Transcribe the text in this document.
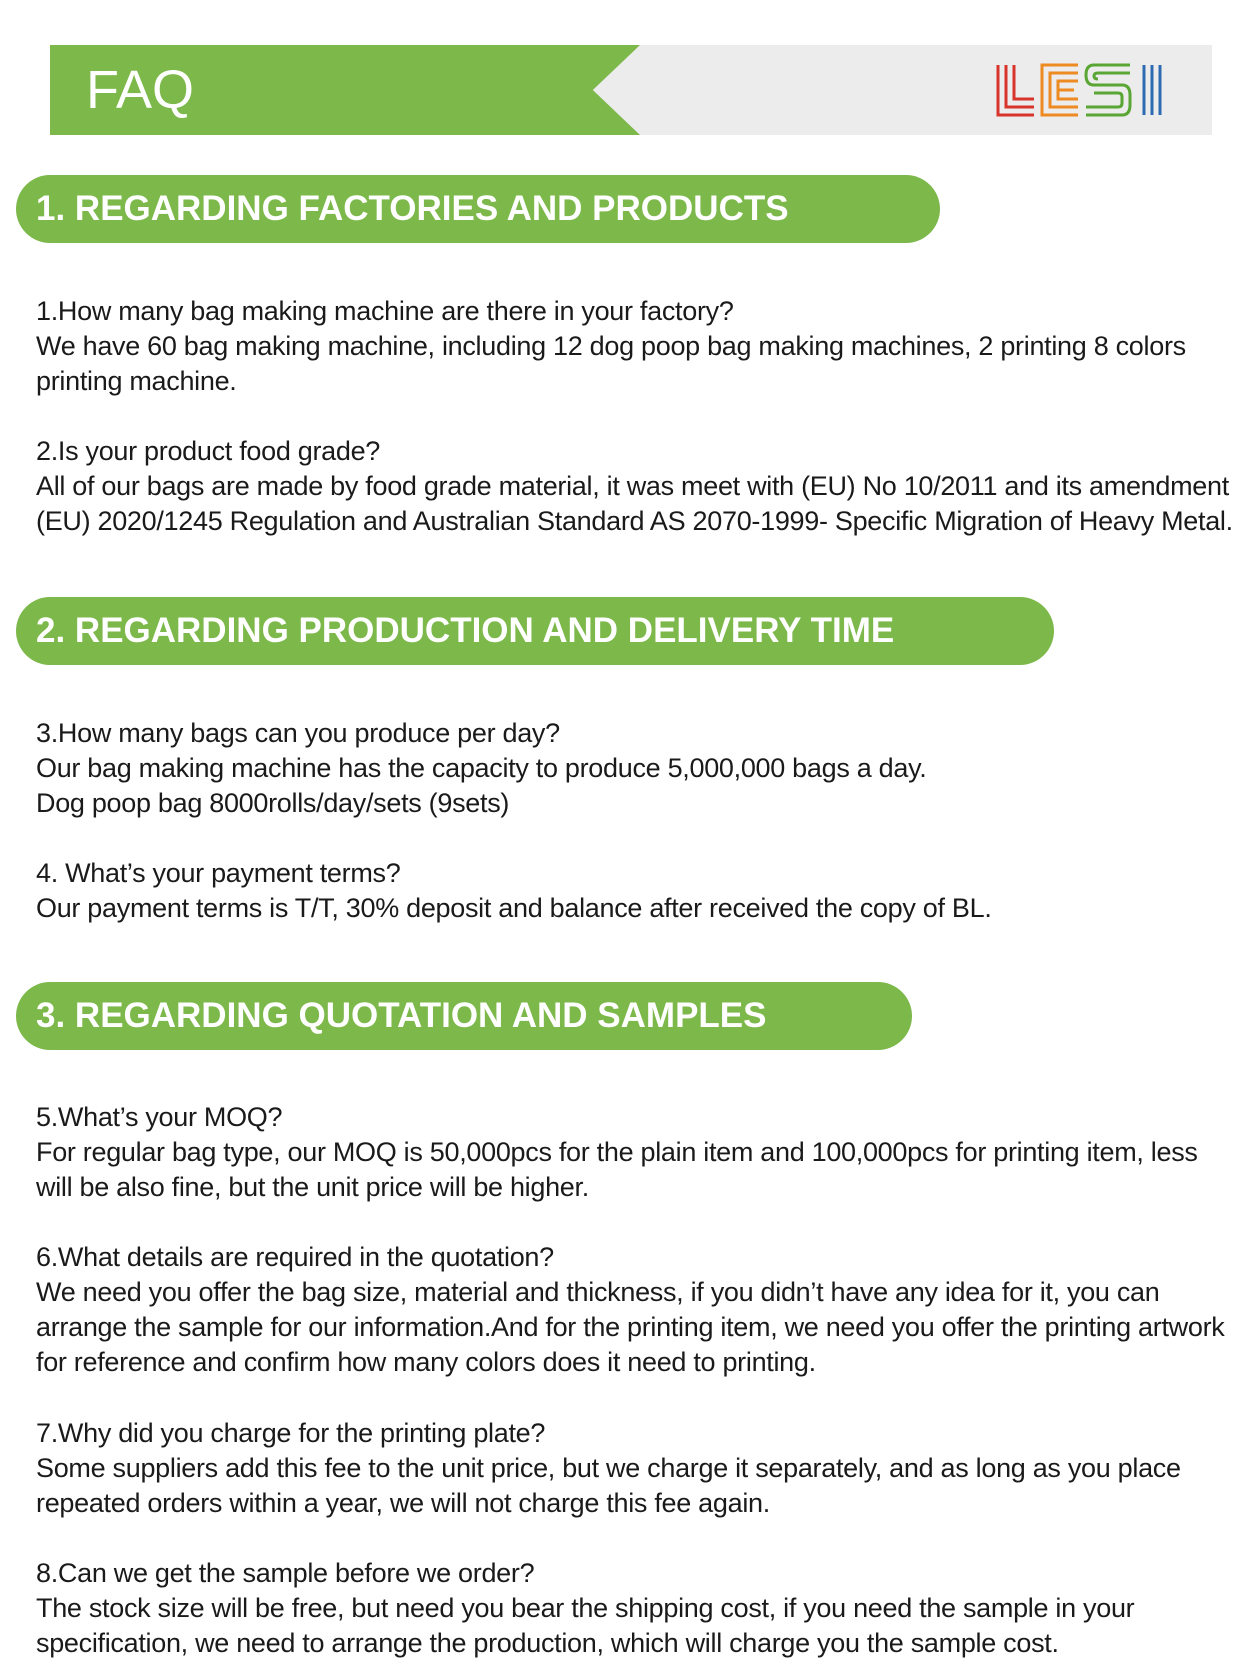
FAQ
1. REGARDING FACTORIES AND PRODUCTS

1.How many bag making machine are there in your factory?

We have 60 bag making machine, including 12 dog poop bag making machines, 2 printing 8 colors printing machine.

2.Is your product food grade?

All of our bags are made by food grade material, it was meet with (EU) No 10/2011 and its amendment (EU) 2020/1245 Regulation and Australian Standard AS 2070-1999- Specific Migration of Heavy Metal.

2. REGARDING PRODUCTION AND DELIVERY TIME

3.How many bags can you produce per day?

Our bag making machine has the capacity to produce 5,000,000 bags a day.

Dog poop bag 8000rolls/day/sets (9sets)

4. What’s your payment terms?

Our payment terms is T/T, 30% deposit and balance after received the copy of BL.

3. REGARDING QUOTATION AND SAMPLES

5.What’s your MOQ?

For regular bag type, our MOQ is 50,000pcs for the plain item and 100,000pcs for printing item, less will be also fine, but the unit price will be higher.

6.What details are required in the quotation?

We need you offer the bag size, material and thickness, if you didn’t have any idea for it, you can arrange the sample for our information.And for the printing item, we need you offer the printing artwork for reference and confirm how many colors does it need to printing.

7.Why did you charge for the printing plate?

Some suppliers add this fee to the unit price, but we charge it separately, and as long as you place repeated orders within a year, we will not charge this fee again.

8.Can we get the sample before we order?

The stock size will be free, but need you bear the shipping cost, if you need the sample in your specification, we need to arrange the production, which will charge you the sample cost.
